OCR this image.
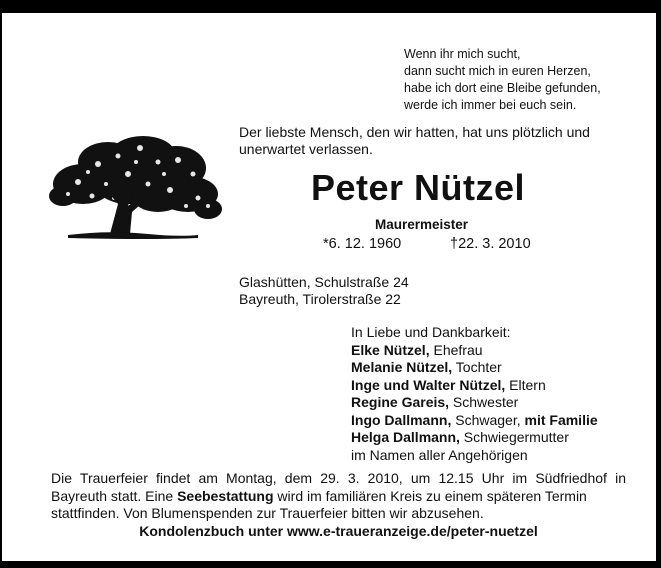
Wenn ihr mich sucht,
dann sucht mich in euren Herzen,
habe ich dort eine Bleibe gefunden,
werde ich immer bei euch sein.
Der liebste Mensch, den wir hatten, hat uns plötzlich und unerwartet verlassen.
Peter Nützel
Maurermeister
*6. 12. 1960	†22. 3. 2010
Glashütten, Schulstraße 24
Bayreuth, Tirolerstraße 22
In Liebe und Dankbarkeit:
Elke Nützel, Ehefrau
Melanie Nützel, Tochter
Inge und Walter Nützel, Eltern
Regine Gareis, Schwester
Ingo Dallmann, Schwager, mit Familie
Helga Dallmann, Schwiegermutter
im Namen aller Angehörigen
Die Trauerfeier findet am Montag, dem 29. 3. 2010, um 12.15 Uhr im Südfriedhof in
Bayreuth statt. Eine Seebestattung wird im familiären Kreis zu einem späteren Termin
stattfinden. Von Blumenspenden zur Trauerfeier bitten wir abzusehen.
Kondolenzbuch unter www.e-traueranzeige.de/peter-nuetzel
